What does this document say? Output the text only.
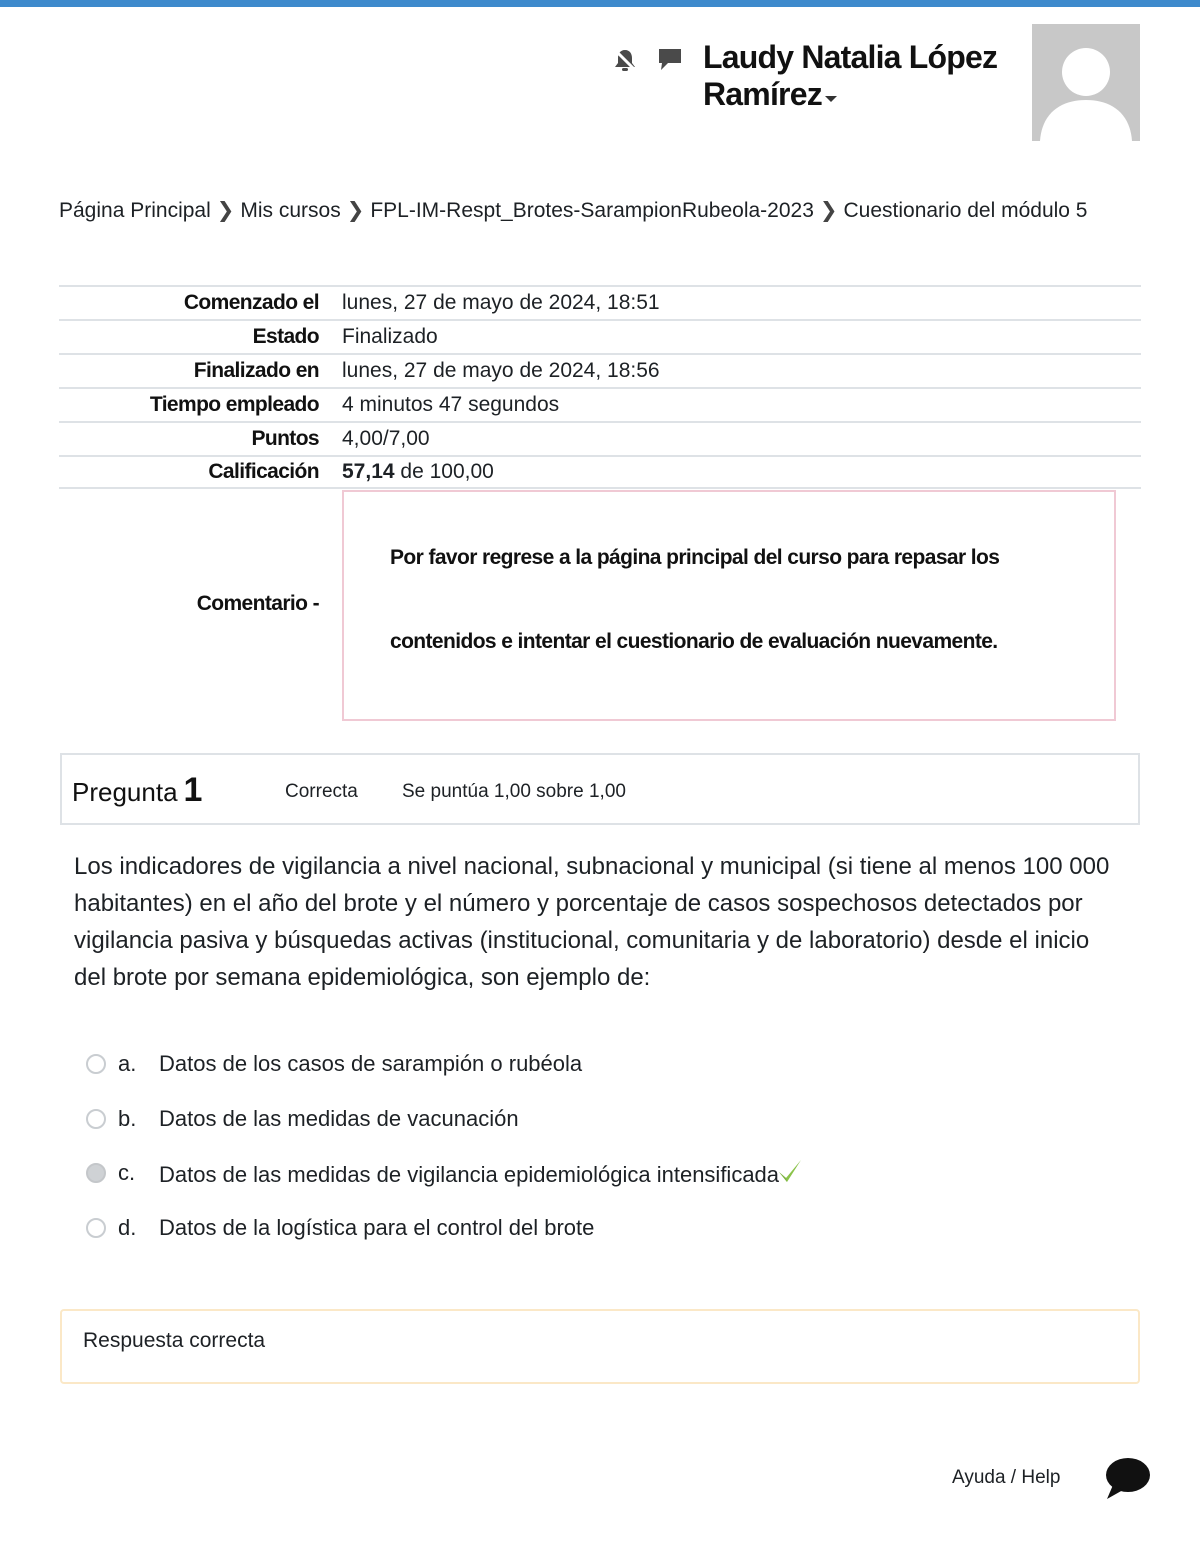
Laudy Natalia López Ramírez
Página Principal ❯ Mis cursos ❯ FPL-IM-Respt_Brotes-SarampionRubeola-2023 ❯ Cuestionario del módulo 5
Comenzado el lunes, 27 de mayo de 2024, 18:51
Estado Finalizado
Finalizado en lunes, 27 de mayo de 2024, 18:56
Tiempo empleado 4 minutos 47 segundos
Puntos 4,00/7,00
Calificación 57,14 de 100,00
Comentario -

Por favor regrese a la página principal del curso para repasar los

contenidos e intentar el cuestionario de evaluación nuevamente.

Pregunta 1	Correcta Se puntúa 1,00 sobre 1,00
Los indicadores de vigilancia a nivel nacional, subnacional y municipal (si tiene al menos 100 000 habitantes) en el año del brote y el número y porcentaje de casos sospechosos detectados por vigilancia pasiva y búsquedas activas (institucional, comunitaria y de laboratorio) desde el inicio del brote por semana epidemiológica, son ejemplo de:
a.	Datos de los casos de sarampión o rubéola
b.	Datos de las medidas de vacunación
c.	Datos de las medidas de vigilancia epidemiológica intensificada
d.	Datos de la logística para el control del brote
Respuesta correcta
Ayuda / Help
